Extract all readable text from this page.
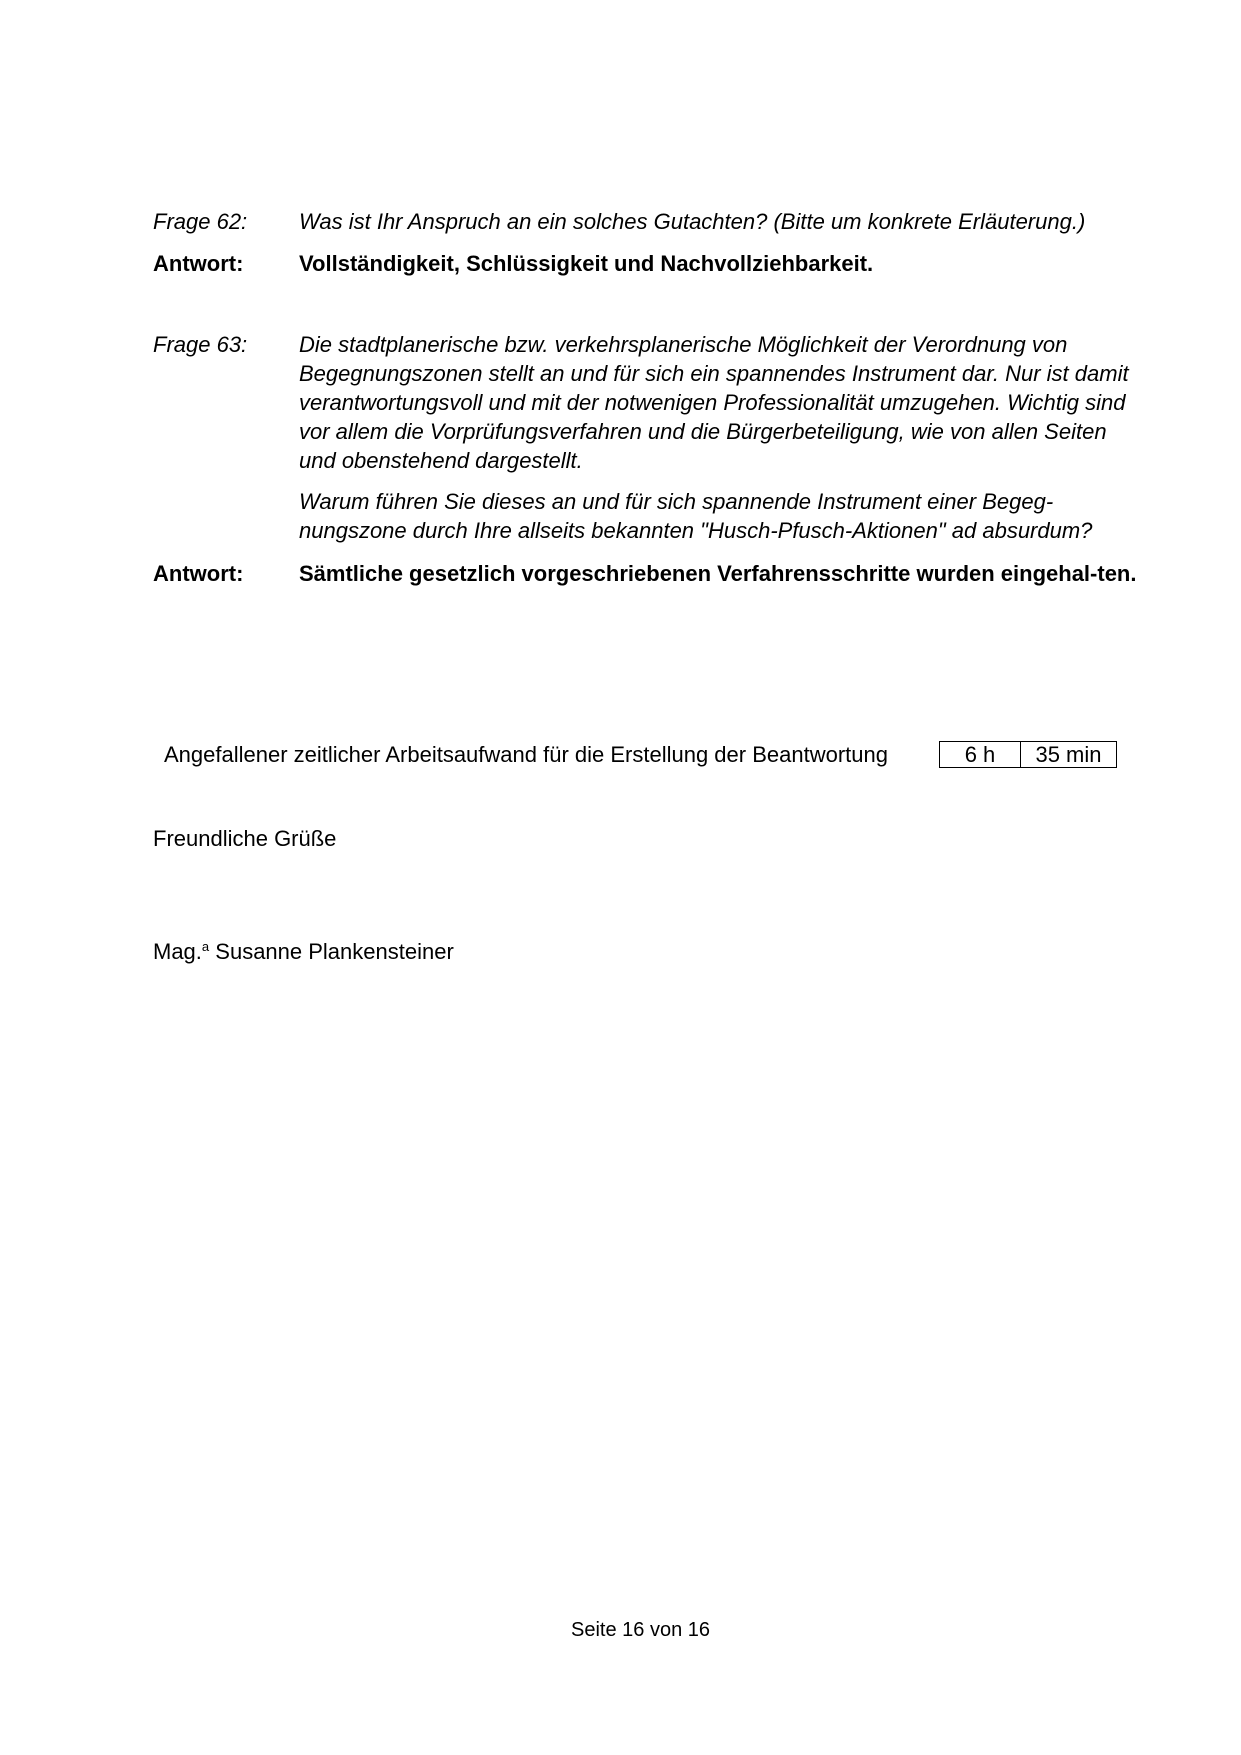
Frage 62:	Was ist Ihr Anspruch an ein solches Gutachten? (Bitte um konkrete Erläuterung.)
Antwort:	Vollständigkeit, Schlüssigkeit und Nachvollziehbarkeit.
Frage 63:	Die stadtplanerische bzw. verkehrsplanerische Möglichkeit der Verordnung von Begegnungszonen stellt an und für sich ein spannendes Instrument dar. Nur ist damit verantwortungsvoll und mit der notwenigen Professionalität umzugehen. Wichtig sind vor allem die Vorprüfungsverfahren und die Bürgerbeteiligung, wie von allen Seiten und obenstehend dargestellt.
Warum führen Sie dieses an und für sich spannende Instrument einer Begeg-nungszone durch Ihre allseits bekannten "Husch-Pfusch-Aktionen" ad absurdum?
Antwort:	Sämtliche gesetzlich vorgeschriebenen Verfahrensschritte wurden eingehal-ten.
Angefallener zeitlicher Arbeitsaufwand für die Erstellung der Beantwortung	6 h	35 min
Freundliche Grüße
Mag.$^a$ Susanne Plankensteiner
Seite 16 von 16
